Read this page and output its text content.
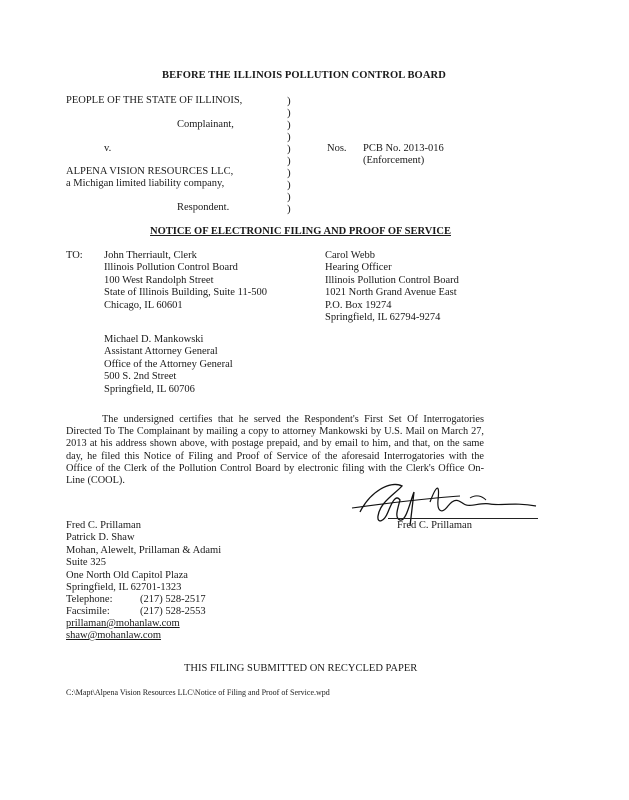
BEFORE THE ILLINOIS POLLUTION CONTROL BOARD
PEOPLE OF THE STATE OF ILLINOIS,
Complainant,
v.
ALPENA VISION RESOURCES LLC,
a Michigan limited liability company,
Respondent.
)
)
)
)
)
)
)
)
)
)
Nos. PCB No. 2013-016
(Enforcement)
NOTICE OF ELECTRONIC FILING AND PROOF OF SERVICE
TO: John Therriault, Clerk
Illinois Pollution Control Board
100 West Randolph Street
State of Illinois Building, Suite 11-500
Chicago, IL 60601
Carol Webb
Hearing Officer
Illinois Pollution Control Board
1021 North Grand Avenue East
P.O. Box 19274
Springfield, IL 62794-9274
Michael D. Mankowski
Assistant Attorney General
Office of the Attorney General
500 S. 2nd Street
Springfield, IL 60706
The undersigned certifies that he served the Respondent's First Set Of Interrogatories Directed To The Complainant by mailing a copy to attorney Mankowski by U.S. Mail on March 27, 2013 at his address shown above, with postage prepaid, and by email to him, and that, on the same day, he filed this Notice of Filing and Proof of Service of the aforesaid Interrogatories with the Office of the Clerk of the Pollution Control Board by electronic filing with the Clerk's Office On-Line (COOL).
Fred C. Prillaman
Fred C. Prillaman
Patrick D. Shaw
Mohan, Alewelt, Prillaman & Adami
Suite 325
One North Old Capitol Plaza
Springfield, IL 62701-1323
Telephone:	(217) 528-2517
Facsimile:	(217) 528-2553
prillaman@mohanlaw.com
shaw@mohanlaw.com
THIS FILING SUBMITTED ON RECYCLED PAPER
C:\Mapt\Alpena Vision Resources LLC\Notice of Filing and Proof of Service.wpd
